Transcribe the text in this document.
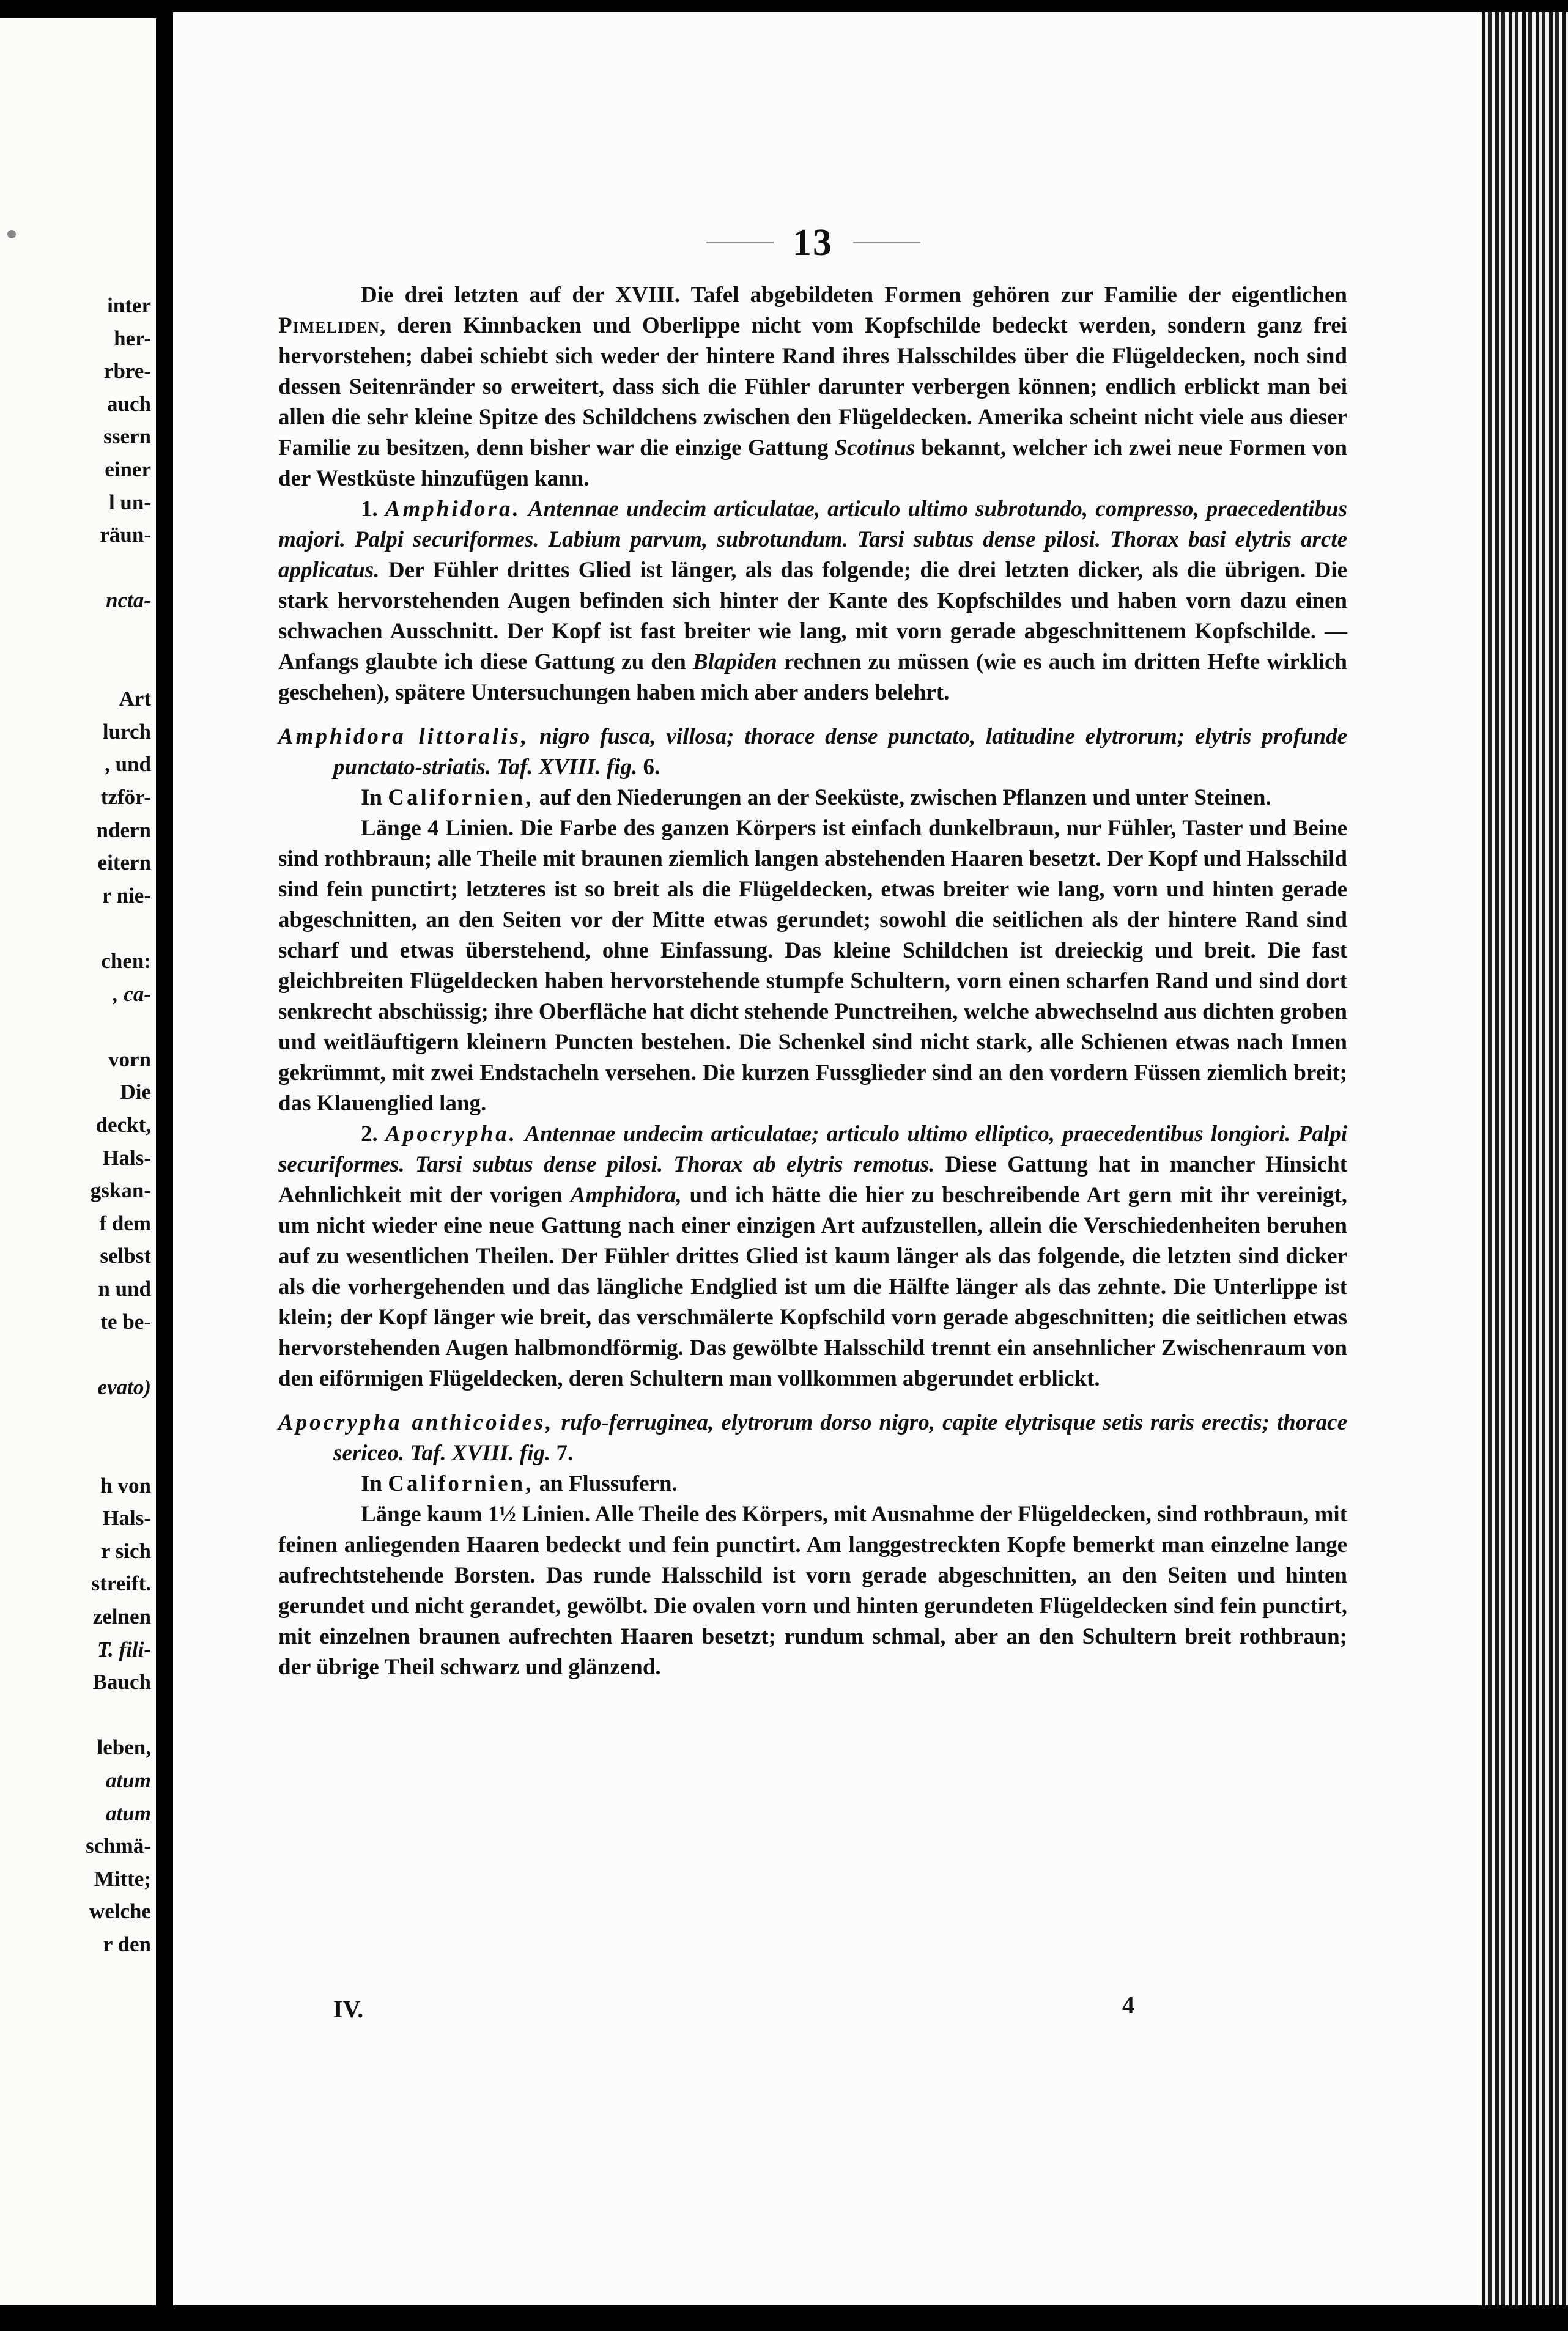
inter
her-
rbre-
auch
ssern
einer
l un-
räun-
ncta-
Art
lurch
, und
tzför-
ndern
eitern
r nie-
chen:
, ca-
vorn
Die
deckt,
Hals-
gskan-
f dem
selbst
n und
te be-
evato)
h von
Hals-
r sich
streift.
zelnen
T. fili-
Bauch
leben,
atum
atum
schmä-
Mitte;
welche
r den
13

Die drei letzten auf der XVIII. Tafel abgebildeten Formen gehören zur Familie der eigentlichen Pimeliden, deren Kinnbacken und Oberlippe nicht vom Kopfschilde bedeckt werden, sondern ganz frei hervorstehen; dabei schiebt sich weder der hintere Rand ihres Halsschildes über die Flügeldecken, noch sind dessen Seitenränder so erweitert, dass sich die Fühler darunter verbergen können; endlich erblickt man bei allen die sehr kleine Spitze des Schildchens zwischen den Flügeldecken. Amerika scheint nicht viele aus dieser Familie zu besitzen, denn bisher war die einzige Gattung Scotinus bekannt, welcher ich zwei neue Formen von der Westküste hinzufügen kann.

1. Amphidora. Antennae undecim articulatae, articulo ultimo subrotundo, compresso, praecedentibus majori. Palpi securiformes. Labium parvum, subrotundum. Tarsi subtus dense pilosi. Thorax basi elytris arcte applicatus. Der Fühler drittes Glied ist länger, als das folgende; die drei letzten dicker, als die übrigen. Die stark hervorstehenden Augen befinden sich hinter der Kante des Kopfschildes und haben vorn dazu einen schwachen Ausschnitt. Der Kopf ist fast breiter wie lang, mit vorn gerade abgeschnittenem Kopfschilde. — Anfangs glaubte ich diese Gattung zu den Blapiden rechnen zu müssen (wie es auch im dritten Hefte wirklich geschehen), spätere Untersuchungen haben mich aber anders belehrt.

Amphidora littoralis, nigro fusca, villosa; thorace dense punctato, latitudine elytrorum; elytris profunde punctato-striatis. Taf. XVIII. fig. 6.

In Californien, auf den Niederungen an der Seeküste, zwischen Pflanzen und unter Steinen.

Länge 4 Linien. Die Farbe des ganzen Körpers ist einfach dunkelbraun, nur Fühler, Taster und Beine sind rothbraun; alle Theile mit braunen ziemlich langen abstehenden Haaren besetzt. Der Kopf und Halsschild sind fein punctirt; letzteres ist so breit als die Flügeldecken, etwas breiter wie lang, vorn und hinten gerade abgeschnitten, an den Seiten vor der Mitte etwas gerundet; sowohl die seitlichen als der hintere Rand sind scharf und etwas überstehend, ohne Einfassung. Das kleine Schildchen ist dreieckig und breit. Die fast gleichbreiten Flügeldecken haben hervorstehende stumpfe Schultern, vorn einen scharfen Rand und sind dort senkrecht abschüssig; ihre Oberfläche hat dicht stehende Punctreihen, welche abwechselnd aus dichten groben und weitläuftigern kleinern Puncten bestehen. Die Schenkel sind nicht stark, alle Schienen etwas nach Innen gekrümmt, mit zwei Endstacheln versehen. Die kurzen Fussglieder sind an den vordern Füssen ziemlich breit; das Klauenglied lang.

2. Apocrypha. Antennae undecim articulatae; articulo ultimo elliptico, praecedentibus longiori. Palpi securiformes. Tarsi subtus dense pilosi. Thorax ab elytris remotus. Diese Gattung hat in mancher Hinsicht Aehnlichkeit mit der vorigen Amphidora, und ich hätte die hier zu beschreibende Art gern mit ihr vereinigt, um nicht wieder eine neue Gattung nach einer einzigen Art aufzustellen, allein die Verschiedenheiten beruhen auf zu wesentlichen Theilen. Der Fühler drittes Glied ist kaum länger als das folgende, die letzten sind dicker als die vorhergehenden und das längliche Endglied ist um die Hälfte länger als das zehnte. Die Unterlippe ist klein; der Kopf länger wie breit, das verschmälerte Kopfschild vorn gerade abgeschnitten; die seitlichen etwas hervorstehenden Augen halbmondförmig. Das gewölbte Halsschild trennt ein ansehnlicher Zwischenraum von den eiförmigen Flügeldecken, deren Schultern man vollkommen abgerundet erblickt.

Apocrypha anthicoides, rufo-ferruginea, elytrorum dorso nigro, capite elytrisque setis raris erectis; thorace sericeo. Taf. XVIII. fig. 7.

In Californien, an Flussufern.

Länge kaum 1½ Linien. Alle Theile des Körpers, mit Ausnahme der Flügeldecken, sind rothbraun, mit feinen anliegenden Haaren bedeckt und fein punctirt. Am langgestreckten Kopfe bemerkt man einzelne lange aufrechtstehende Borsten. Das runde Halsschild ist vorn gerade abgeschnitten, an den Seiten und hinten gerundet und nicht gerandet, gewölbt. Die ovalen vorn und hinten gerundeten Flügeldecken sind fein punctirt, mit einzelnen braunen aufrechten Haaren besetzt; rundum schmal, aber an den Schultern breit rothbraun; der übrige Theil schwarz und glänzend.

IV.	4
